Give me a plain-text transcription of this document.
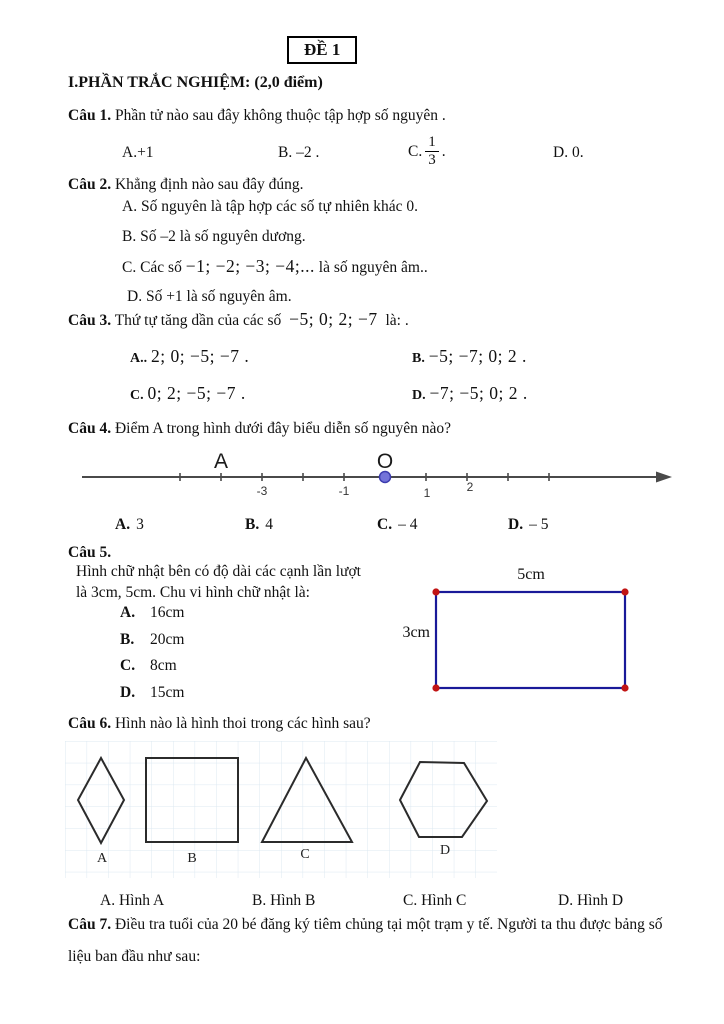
ĐỀ 1
I.PHẦN TRẮC NGHIỆM: (2,0 điểm)
Câu 1. Phần tử nào sau đây không thuộc tập hợp số nguyên .
A.+1	B. –2 .	C. $\frac{1}{3}$ .	D. 0.
Câu 2. Khẳng định nào sau đây đúng.
A. Số nguyên là tập hợp các số tự nhiên khác 0.
B. Số –2 là số nguyên dương.
C. Các số −1; −2; −3; −4;... là số nguyên âm..
D. Số +1 là số nguyên âm.
Câu 3. Thứ tự tăng dần của các số −5; 0; 2; −7 là: .
A.. 2; 0; −5; −7 .	B. −5; −7; 0; 2 .
C. 0; 2; −5; −7 .	D. −7; −5; 0; 2 .
Câu 4. Điểm A trong hình dưới đây biểu diễn số nguyên nào?
A	O
-3	-1	1	2
A. 3	B. 4	C. – 4	D. – 5
Câu 5.
Hình chữ nhật bên có độ dài các cạnh lần lượt
là 3cm, 5cm. Chu vi hình chữ nhật là:
A. 16cm
B.	20cm
C. 8cm
D. 15cm
5cm
3cm
Câu 6. Hình nào là hình thoi trong các hình sau?
A	B	C	D
A. Hình A	B. Hình B	C. Hình C	D. Hình D
Câu 7. Điều tra tuổi của 20 bé đăng ký tiêm chủng tại một trạm y tế. Người ta thu được bảng số
liệu ban đầu như sau:
